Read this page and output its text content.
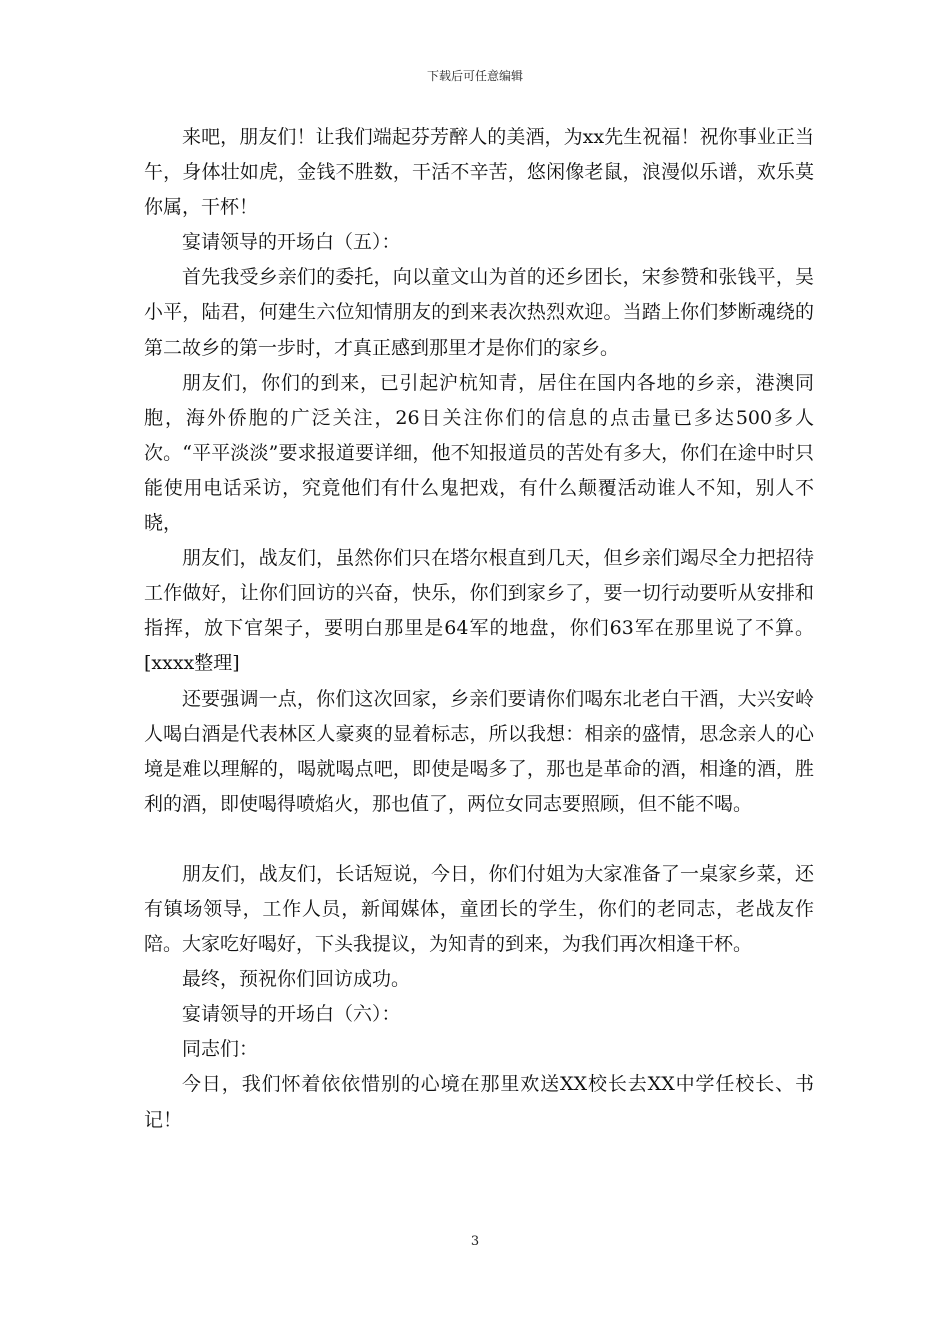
下载后可任意编辑

来吧，朋友们！让我们端起芬芳醉人的美酒，为xx先生祝福！祝你事业正当午，身体壮如虎，金钱不胜数，干活不辛苦，悠闲像老鼠，浪漫似乐谱，欢乐莫你属，干杯！

宴请领导的开场白（五）：

首先我受乡亲们的委托，向以童文山为首的还乡团长，宋参赞和张钱平，吴小平，陆君，何建生六位知情朋友的到来表次热烈欢迎。当踏上你们梦断魂绕的第二故乡的第一步时，才真正感到那里才是你们的家乡。

朋友们，你们的到来，已引起沪杭知青，居住在国内各地的乡亲，港澳同胞，海外侨胞的广泛关注，26日关注你们的信息的点击量已多达500多人次。“平平淡淡”要求报道要详细，他不知报道员的苦处有多大，你们在途中时只能使用电话采访，究竟他们有什么鬼把戏，有什么颠覆活动谁人不知，别人不晓，

朋友们，战友们，虽然你们只在塔尔根直到几天，但乡亲们竭尽全力把招待工作做好，让你们回访的兴奋，快乐，你们到家乡了，要一切行动要听从安排和指挥，放下官架子，要明白那里是64军的地盘，你们63军在那里说了不算。[xxxx整理]

还要强调一点，你们这次回家，乡亲们要请你们喝东北老白干酒，大兴安岭人喝白酒是代表林区人豪爽的显着标志，所以我想：相亲的盛情，思念亲人的心境是难以理解的，喝就喝点吧，即使是喝多了，那也是革命的酒，相逢的酒，胜利的酒，即使喝得喷焰火，那也值了，两位女同志要照顾，但不能不喝。

朋友们，战友们，长话短说，今日，你们付姐为大家准备了一桌家乡菜，还有镇场领导，工作人员，新闻媒体，童团长的学生，你们的老同志，老战友作陪。大家吃好喝好，下头我提议，为知青的到来，为我们再次相逢干杯。

最终，预祝你们回访成功。

宴请领导的开场白（六）：

同志们：

今日，我们怀着依依惜别的心境在那里欢送XX校长去XX中学任校长、书记！

3
